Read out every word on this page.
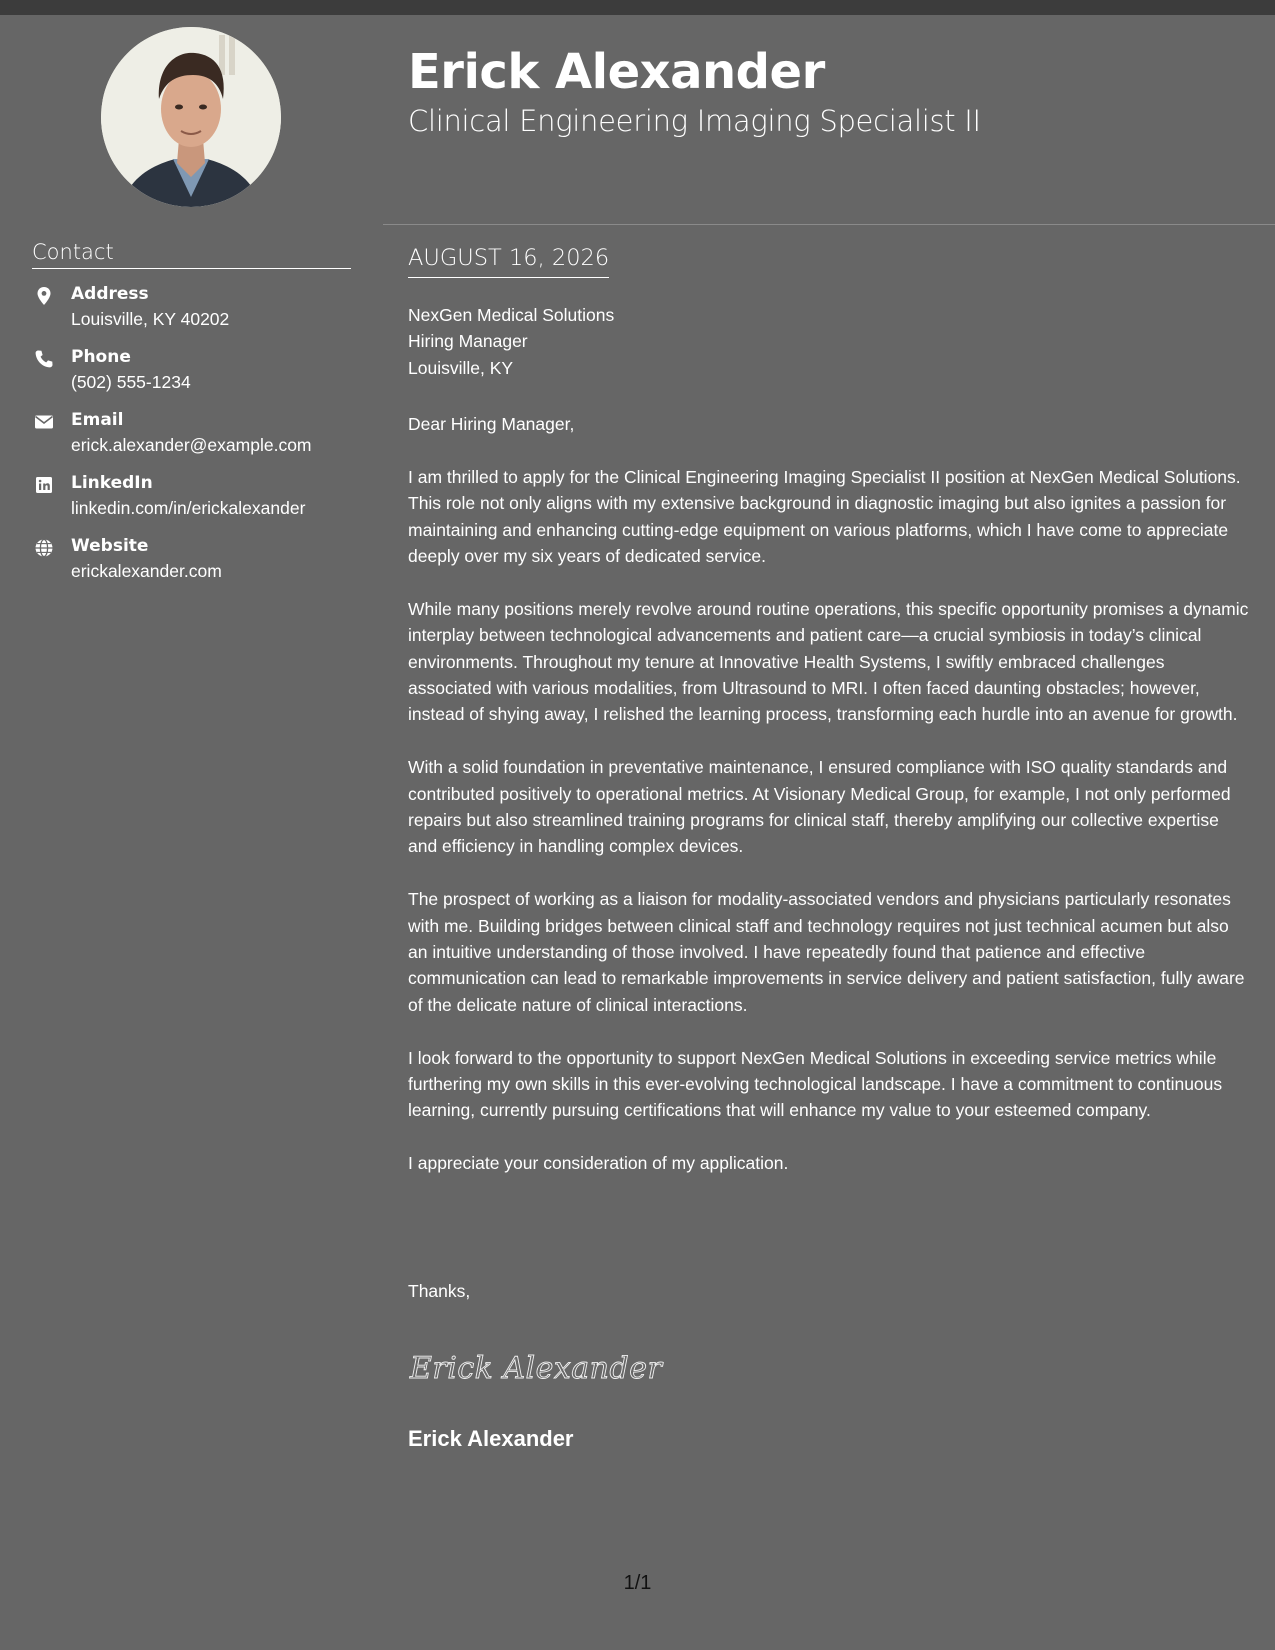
Contact
Address
Louisville, KY 40202
Phone
(502) 555-1234
Email
erick.alexander@example.com
LinkedIn
linkedin.com/in/erickalexander
Website
erickalexander.com
Erick Alexander
Clinical Engineering Imaging Specialist II
AUGUST 16, 2026
NexGen Medical Solutions
Hiring Manager
Louisville, KY

Dear Hiring Manager,

I am thrilled to apply for the Clinical Engineering Imaging Specialist II position at NexGen Medical Solutions. This role not only aligns with my extensive background in diagnostic imaging but also ignites a passion for maintaining and enhancing cutting-edge equipment on various platforms, which I have come to appreciate deeply over my six years of dedicated service.

While many positions merely revolve around routine operations, this specific opportunity promises a dynamic interplay between technological advancements and patient care—a crucial symbiosis in today’s clinical environments. Throughout my tenure at Innovative Health Systems, I swiftly embraced challenges associated with various modalities, from Ultrasound to MRI. I often faced daunting obstacles; however, instead of shying away, I relished the learning process, transforming each hurdle into an avenue for growth.

With a solid foundation in preventative maintenance, I ensured compliance with ISO quality standards and contributed positively to operational metrics. At Visionary Medical Group, for example, I not only performed repairs but also streamlined training programs for clinical staff, thereby amplifying our collective expertise and efficiency in handling complex devices.

The prospect of working as a liaison for modality-associated vendors and physicians particularly resonates with me. Building bridges between clinical staff and technology requires not just technical acumen but also an intuitive understanding of those involved. I have repeatedly found that patience and effective communication can lead to remarkable improvements in service delivery and patient satisfaction, fully aware of the delicate nature of clinical interactions.

I look forward to the opportunity to support NexGen Medical Solutions in exceeding service metrics while furthering my own skills in this ever-evolving technological landscape. I have a commitment to continuous learning, currently pursuing certifications that will enhance my value to your esteemed company.

I appreciate your consideration of my application.

Thanks,
Erick Alexander
Erick Alexander
1/1
